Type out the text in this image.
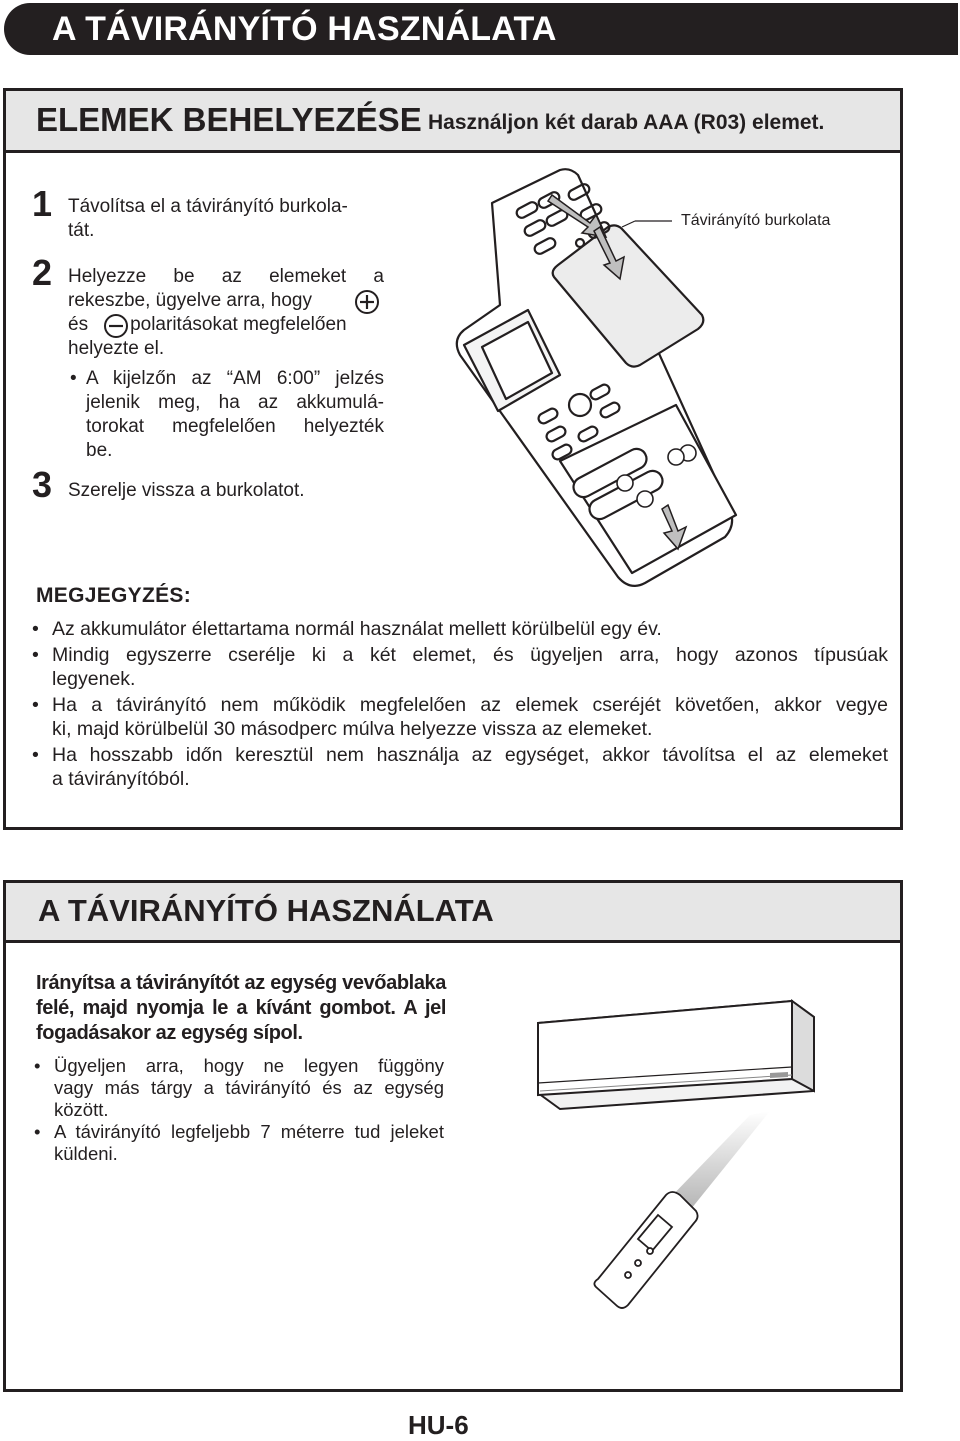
A TÁVIRÁNYÍTÓ HASZNÁLATA
ELEMEK BEHELYEZÉSE Használjon két darab AAA (R03) elemet.
1 Távolítsa el a távirányító burkola-
tát.
2 Helyezze be az elemeket a
rekeszbe, ügyelve arra, hogy
és polaritásokat megfelelően
helyezte el.
• A kijelzőn az “AM 6:00” jelzés
jelenik meg, ha az akkumulá-
torokat megfelelően helyezték
be.
3 Szerelje vissza a burkolatot.
Távirányító burkolata
MEGJEGYZÉS:
• Az akkumulátor élettartama normál használat mellett körülbelül egy év.
• Mindig egyszerre cserélje ki a két elemet, és ügyeljen arra, hogy azonos típusúak
legyenek.
• Ha a távirányító nem működik megfelelően az elemek cseréjét követően, akkor vegye
ki, majd körülbelül 30 másodperc múlva helyezze vissza az elemeket.
• Ha hosszabb időn keresztül nem használja az egységet, akkor távolítsa el az elemeket
a távirányítóból.
A TÁVIRÁNYÍTÓ HASZNÁLATA
Irányítsa a távirányítót az egység vevőablaka
felé, majd nyomja le a kívánt gombot. A jel
fogadásakor az egység sípol.
• Ügyeljen arra, hogy ne legyen függöny
vagy más tárgy a távirányító és az egység
között.
• A távirányító legfeljebb 7 méterre tud jeleket
küldeni.
HU-6
